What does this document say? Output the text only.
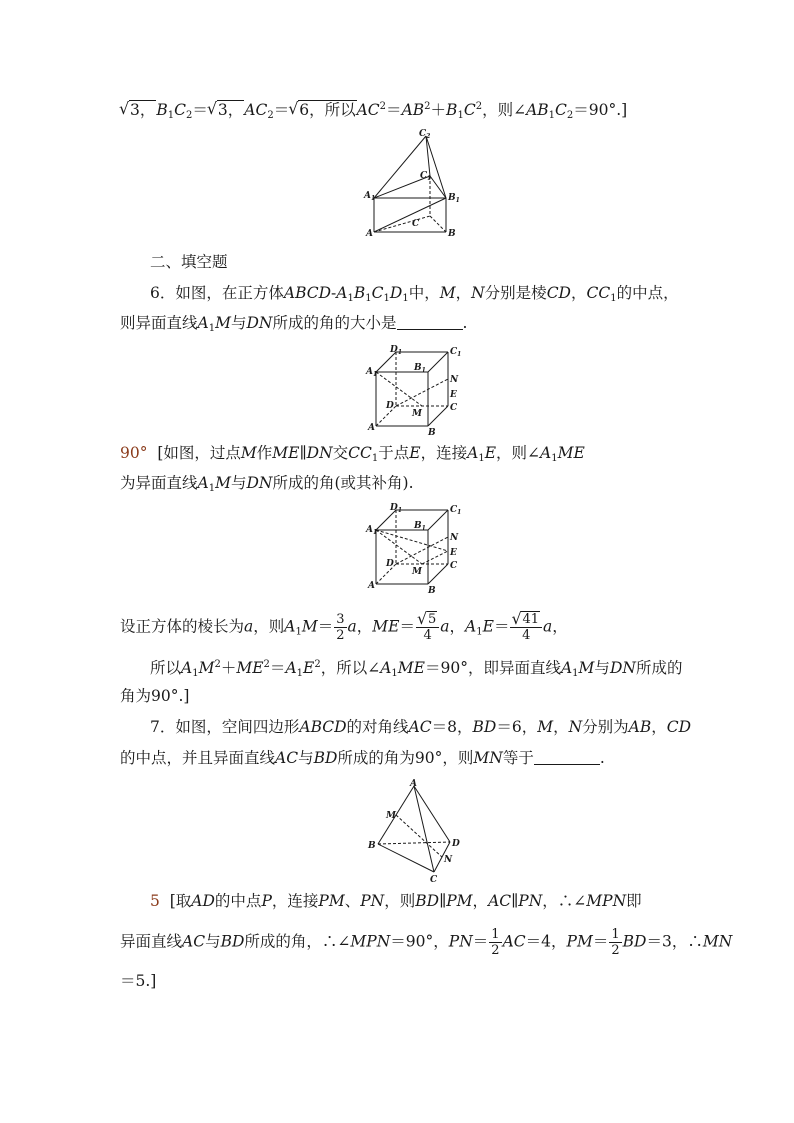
√ 3，$B_1C_2=√$ 3，$AC_2=√$ 6，所以$AC^2=AB^2+B_1C^2$，则$\angle AB_1C_2=90^\circ$.]
$C_2$
$C_1$
$A_1$	$B_1$
A	B
C
二、填空题
6．如图，在正方体ABCD-$A_1B_1C_1D_1$中，M，N分别是棱CD，$CC_1$的中点，
则异面直线$A_1M$与DN所成的角的大小是	.
$D_1$
$B_1$
$C_1$
$A_1$
N
E
C
D
M
A	B
90° [如图，过点M作ME∥DN交$CC_1$于点E，连接$A_1E$，则$\angle A_1ME$
为异面直线$A_1M$与DN所成的角(或其补角).
$D_1$
$B_1$
$C_1$
$A_1$
N
E
C
D
M
A	B
设正方体的棱长为a，则$A_1M= \frac{3}{2}$ a，ME＝
√ $\frac{5}{4}$ a，$A_1E=$
√ $\frac{41}{4}$ a，
所以$A_1M^2+ME^2=A_1E^2$，所以$\angle A_1ME=90^\circ$，即异面直线$A_1M$与DN所成的
角为90°.]
7．如图，空间四边形ABCD的对角线AC＝8，BD＝6，M，N分别为AB，CD
的中点，并且异面直线AC与BD所成的角为90°，则MN等于	.
A
M
B	D
N
C
5 [取AD的中点P，连接PM、PN，则BD∥PM，AC∥PN，∴∠MPN即
异面直线AC与BD所成的角，∴∠MPN＝90°，$PN= \frac{1}{2} AC=4$，$PM= \frac{1}{2} BD=3$，∴MN
＝5.]
